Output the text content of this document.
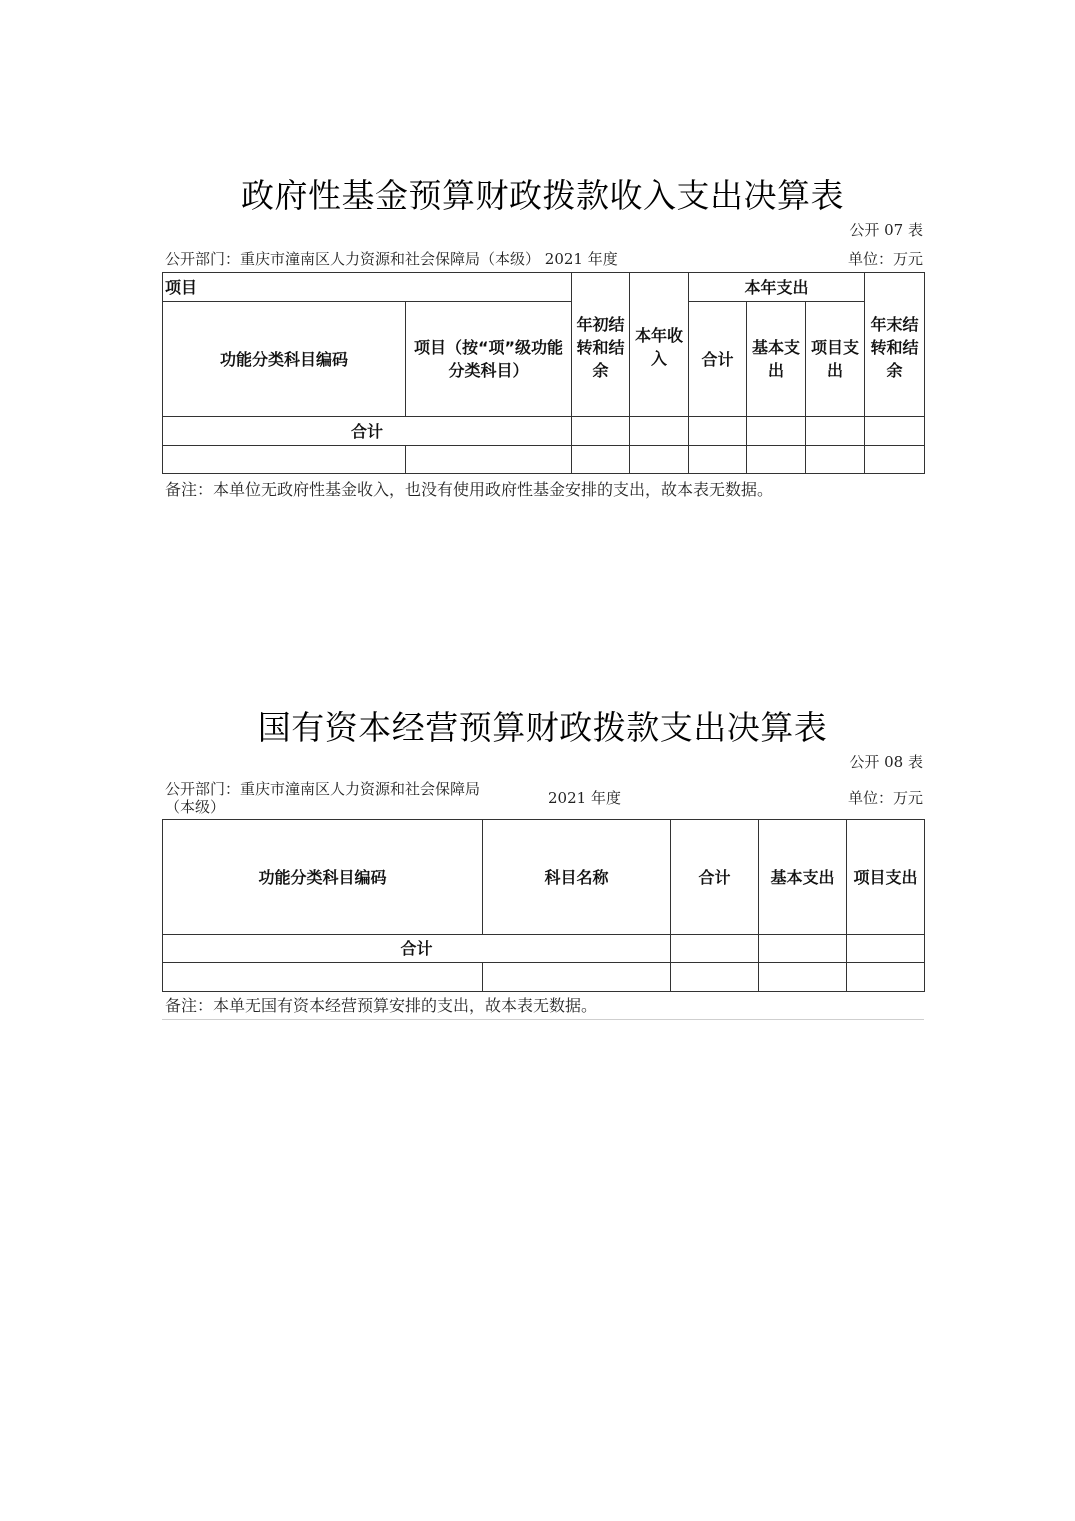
政府性基金预算财政拨款收入支出决算表
公开 07 表
公开部门：重庆市潼南区人力资源和社会保障局（本级） 2021 年度	单位：万元
项目		年初结转和结余	本年收入	本年支出			年末结转和结余
功能分类科目编码	项目（按“项”级功能分类科目）			合计	基本支出	项目支出	
合计							

备注：本单位无政府性基金收入，也没有使用政府性基金安排的支出，故本表无数据。
国有资本经营预算财政拨款支出决算表
公开 08 表
公开部门：重庆市潼南区人力资源和社会保障局（本级）	2021 年度	单位：万元
功能分类科目编码	科目名称	合计	基本支出	项目支出
合计				

备注：本单无国有资本经营预算安排的支出，故本表无数据。
